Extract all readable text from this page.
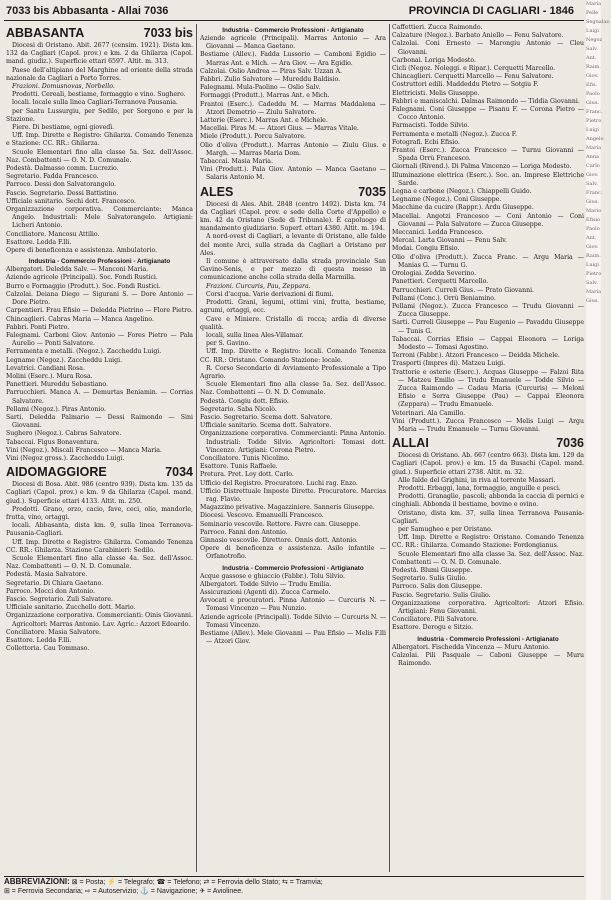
7033 bis Abbasanta - Allai 7036	PROVINCIA DI CAGLIARI - 1846
ABBASANTA	7033 bis

Diocesi di Oristano. Abit. 2677 (censim. 1921). Dista km. 132 da Cagliari (Capol. prov.) e km. 2 da Ghilarza (Capol. mand. giudiz.). Superficie ettari 6597. Altit. m. 313.

Paese dell'altipiano del Marghine ad oriente della strada nazionale da Cagliari a Porto Torres.

Frazioni. Domusnovas, Norbello.

Prodotti. Cereali, bestiame, formaggio e vino. Sughero.

locali. locale sulla linea Cagliari-Terranova Pausania.

per Santu Lussurgiu, per Sedilo, per Sorgono e per la Stazione.

Fiere. Di bestiame, ogni giovedì.

Uff. Imp. Direttе e Registro: Ghilarza. Comando Tenenza e Stazione: CC. RR.: Ghilarza.

Scuole Elementari fino alla classe 5a. Sez. dell'Assoc. Naz. Combattenti — O. N. D. Comunale.

Podestà. Dalmasso comm. Lucrezio.

Segretario. Fadda Francesco.

Parroco. Dessi don Salvatorangelo.

Fascio. Segretario. Dessi Battistino.

Ufficiale sanitario. Sechi dott. Francesco.

Organizzazione corporativa. Commerciante: Manca Angelo. Industriali: Mele Salvatorangelo. Artigiani: Licheri Antonio.

Conciliatore. Mancosu Attilio.

Esattore. Ledda F.lli.

Opere di beneficenza e assistenza. Ambulatorio.

Industria - Commercio Professioni - Artigianato

Albergatori. Deledda Salv. — Manconi Maria.

Aziende agricole (Principali). Soc. Fondi Rustici.

Burro e Formaggio (Produtt.). Soc. Fondi Rustici.

Calzolai. Deiana Diego — Sigurani S. — Dore Antonio — Dore Pietro.

Carpentieri. Frau Efisio — Deledda Pietrino — Flore Pietro.

Chincaglieri. Cabras Maria — Manca Angelino.

Fabbri. Ponti Pietro.

Falegnami. Carboni Giov. Antonio — Fores Pietro — Pala Aurelio — Ponti Salvatore.

Ferramenta e metalli. (Negoz.). Zaccheddu Luigi.

Legname (Negoz.). Zaccheddu Luigi.

Levatrici. Candiani Rosa.

Molini (Eserc.). Mura Rosa.

Panettieri. Mureddu Sebastiano.

Parrucchieri. Manca A. — Demurtas Beniamin. — Corrias Salvatore.

Pellami (Negoz.). Piras Antonio.

Sarti. Deledda Palmario — Dessi Raimondo — Sini Giovanni.

Sughero (Negoz.). Cabras Salvatore.

Tabaccai. Figus Bonaventura.

Vini (Negoz.). Miscali Francesco — Manca Maria.

Vini (Negoz gross.). Zaccheddu Luigi.

AIDOMAGGIORE	7034

Diocesi di Bosa. Abit. 986 (centro 939). Dista km. 135 da Cagliari (Capol. prov.) e km. 9 da Ghilarza (Capol. mand. giud.). Superficie ettari 4133. Altit. m. 250.

Prodotti. Grano, orzo, cacio, fave, ceci, olio, mandorle, frutta, vino, ortaggi.

locali. Abbasanta, dista km. 9, sulla linea Terranova-Pausania-Cagliari.

Uff. Imp. Direttе e Registro: Ghilarza. Comando Tenenza CC. RR.: Ghilarza. Stazione Carabinieri: Sedilo.

Scuole Elementari fino alla classe 4a. Sez. dell'Assoc. Naz. Combattenti — O. N. D. Comunale.

Podestà. Masia Salvatore.

Segretario. Di Chiara Gaetano.

Parroco. Mocci don Antonio.

Fascio. Segretario. Zuli Salvatore.

Ufficiale sanitario. Zucchello dott. Mario.

Organizzazione corporativa. Commercianti: Oinis Giovanni. Agricoltori: Marras Antonio. Lav. Agric.: Azzori Edoardo.

Conciliatore. Masia Salvatore.

Esattore. Ledda F.lli.

Collettoria. Cau Tommaso.

Industria - Commercio Professioni - Artigianato

Aziende agricole (Principali). Marras Antonio — Ara Giovanni — Manca Gaetano.

Bestiame (Allev.). Fadda Lussorio — Camboni Egidio — Marras Ant. e Mich. — Ara Giov. — Ara Egidio.

Calzolai. Oslio Andrea — Piras Salv. Uzzan A.

Fabbri. Zulio Salvatore — Mureddu Baldisio.

Falegnami. Mula-Paolino — Oslio Salv.

Formaggi (Produtt.). Marras Ant. e Mich.

Frantoi (Eserc.). Cadeddu M. — Marras Maddalena — Atzori Demetrio — Ziulu Salvatore.

Latterie (Eserc.). Marras Ant. e Michele.

Macellai. Piras M. — Atzori Gius. — Marras Vitale.

Miele (Produtt.). Porcu Salvatore.

Olio d'oliva (Produtt.). Marras Antonio — Ziulu Gius. e Margh. — Marras Maria Dom.

Tabaccai. Masia Maria.

Vini (Produtt.). Pala Giov. Antonio — Manca Gaetano — Salaris Antonio M.

ALES	7035

Diocesi di Ales. Abit. 2848 (centro 1492). Dista km. 74 da Cagliari (Capol. prov. e sede della Corte d'Appello) e km. 42 da Oristano (Sede di Tribunale). È capoluogo di mandamento giudiziario. Superf. ettari 4380. Altit. m. 194.

A nord-ovest di Cagliari, a levante di Oristano, alle falde del monte Arci, sulla strada da Cagliari a Oristano per Ales.

Il comune è attraversato dalla strada provinciale San Gavino-Senis, e per mezzo di questa messo in comunicazione anche colla strada della Marmilla.

Frazioni. Curcuris, Pau, Zeppara.

Corsi d'acqua. Varie derivazioni di fiumi.

Prodotti. Grani, legumi, ottimi vini, frutta, bestiame, agrumi, ortaggi, ecc.

Cave e Miniere. Cristallo di rocca; ardia di diverse qualità.

locali, sulla linea Ales-Villamar.

per S. Gavino.

Uff. Imp. Dirette e Registro: locali. Comando Tenenza CC. RR.: Oristano. Comando Stazione: locale.

R. Corso Secondario di Avviamento Professionale a Tipo Agrario.

Scuole Elementari fino alla classe 5a. Sez. dell'Assoc. Naz. Combattenti — O. N. D. Comunale.

Podestà. Congiu dott. Efisio.

Segretario. Saba Nicolò.

Fascio. Segretario. Scema dott. Salvatore.

Ufficiale sanitario. Scema dott. Salvatore.

Organizzazione corporativa. Commercianti: Pinna Antonio. Industriali: Todde Silvio. Agricoltori: Tomasi dott. Vincenzo. Artigiani: Corona Pietro.

Conciliatore. Tunis Nicolino.

Esattore. Tunis Raffaele.

Pretura. Pret. Loy dott. Carlo.

Ufficio del Registro. Procuratore. Luchi rag. Enzo.

Ufficio Distrettuale Imposte Dirette. Procuratore. Marcias rag. Flavio.

Magazzino privative. Magazziniere. Sanneris Giuseppe.

Diocesi. Vescovo. Emanuelli Francesco.

Seminario vescovile. Rettore. Favre can. Giuseppe.

Parroco. Fanni don Antonio.

Ginnasio vescovile. Direttore. Onnis dott. Antonio.

Opere di beneficenza e assistenza. Asilo infantile — Orfanotrofio.

Industria - Commercio Professioni - Artigianato

Acque gassose e ghiacciο (Fabbr.). Tolu Silvio.

Albergatori. Todde Silvio — Trudu Emilia.

Assicurazioni (Agenti di). Zucca Carmelo.

Avvocati e procuratori. Pinna Antonio — Curcuris N. — Tomasi Vincenzo — Pau Nunzio.

Aziende agricole (Principali). Todde Silvio — Curcuris N. — Tomasi Vincenzo.

Bestiame (Allev.). Mele Giovanni — Pau Efisio — Melis F.lli — Atzori Giov.

Caffettieri. Zucca Raimondo.

Calzature (Negoz.). Barbato Aniello — Fenu Salvatore.

Calzolai. Coni Ernesto — Marongiu Antonio — Cleu Giovanni.

Carbonai. Loriga Modesto.

Cicli (Negoz. Noleggi. e Ripar.). Cerquetti Marcello.

Chincaglieri. Cerquetti Marcello — Fenu Salvatore.

Costruttori edili. Maddeddu Pietro — Sotgiu F.

Elettricisti. Melis Giuseppe.

Fabbri e maniscalchi. Dalmas Raimondo — Tiddia Giovanni.

Falegnami. Coni Giuseppe — Pisanu F. — Corona Pietro — Cocco Antonio.

Farmacisti. Todde Silvio.

Ferramenta e metalli (Negoz.). Zucca F.

Fotografi. Ecbi Efisio.

Frantoi (Eserc.). Zucca Francesco — Turnu Giovanni — Spada Orrù Francesco.

Giornali (Rivend.). Di Palma Vincenzo — Loriga Modesto.

Illuminazione elettrica (Eserc.). Soc. an. Imprese Elettriche Sarde.

Legna e carbone (Negoz.). Chiappelli Guido.

Legname (Negoz.). Coni Giuseppe.

Macchine da cucire (Rappr.). Ardu Giuseppe.

Macellai. Angotzi Francesco — Coni Antonio — Coni Giovanni — Pala Salvatore — Zucca Giuseppe.

Meccanici. Ledda Francesco.

Mercal. Larta Giovanni — Fenu Salv.

Modai. Congiu Efisio.

Olio d'oliva (Produtt.). Zucca Franc. — Argu Maria — Manias G. — Turnu G.

Orologiai. Zedda Severino.

Panettieri. Cerquetti Marcello.

Parrucchieri. Curreli Gius. — Prato Giovanni.

Pellami (Conc.). Orrù Beniamino.

Pellami (Negoz.). Zucca Francesco — Trudu Giovanni — Zucca Giuseppe.

Sarti. Curreli Giuseppe — Pau Eugenio — Pavaddu Giuseppe — Tunis G.

Tabaccai. Corrias Efisio — Cappai Eleonora — Loriga Modesto — Tomasi Agostino.

Terroni (Fabbr.). Atzori Francesco — Deidda Michele.

Trasporti (Impres di). Matzeu Luigi.

Trattorie e osterie (Eserc.). Acquas Giuseppe — Falzoi Rita — Matzeu Emilio — Trudu Emanuele — Todde Silvio — Zucca Raimondo — Cadau Maria (Curcuris) — Melonі Efisio e Serra Giuseppe (Pau) — Cappai Eleonora (Zeppara) — Trudu Emanuele.

Veterinari. Ala Camillo.

Vini (Produtt.). Zucca Francesco — Melis Luigi — Argu Maria — Trudu Emanuele — Turnu Giovanni.

ALLAI	7036

Diocesi di Oristano. Ab. 667 (centro 663). Dista km. 129 da Cagliari (Capol. prov.) e km. 15 da Busachi (Capol. mand. giud.). Superficie ettari 2738. Altit. m. 32.

Alle falde del Grighini, in riva al torrente Massari.

Prodotti. Erbaggi, lana, formaggio, anguille e pesci.

Prodotti. Granaglie, pascoli; abbonda la caccia di pernici e cinghiali. Abbonda il bestiame, bovino e ovino.

Oristano, dista km. 37, sulla linea Terranova Pausania-Cagliari.

per Samugheo e per Oristano.

Uff. Imp. Dirette e Registro: Oristano. Comando Tenenza CC. RR.: Ghilarza. Comando Stazione: Fordongianus.

Scuole Elementari fino alla classe 3a. Sez. dell'Assoc. Naz. Combattenti — O. N. D. Comunale.

Podestà. Blumi Giuseppe.

Segretario. Sulis Giulio.

Parroco. Salis don Giuseppe.

Fascio. Segretario. Sulis Giulio.

Organizzazione corporativa. Agricoltori: Atzori Efisio. Artigiani: Fenu Giovanni.

Conciliatore. Pili Salvatore.

Esattore. Derogu e Sitzio.

Industria - Commercio Professioni - Artigianato

Albergatori. Fischedda Vincenza — Muru Antonio.

Calzolai. Pili Pasquale — Caboni Giuseppe — Muru Raimondo.

Maria
Pelle
Segnalaz.
Luigi
Negoz
Salv.
Ant.
Raim.
Giov.
Efis.
Paolo
Gius.
Franc.
Pietro
Luigi
Angelo
Maria
Anna
Carlo
Giov.
Salv.
Franc.
Gius.
Mario
Efisio
Paolo
Ant.
Giov.
Raim.
Luigi
Pietro
Salv.
Maria
Gius.
ABBREVIAZIONI: ⊠ = Posta; ⚡ = Telegrafo; ☎ = Telefono; ⇄ = Ferrovia dello Stato; ⇆ = Tramvia;
⊞ = Ferrovia Secondaria; ⇨ = Autoservizio; ⚓ = Navigazione; ✈ = Aviolinee.
